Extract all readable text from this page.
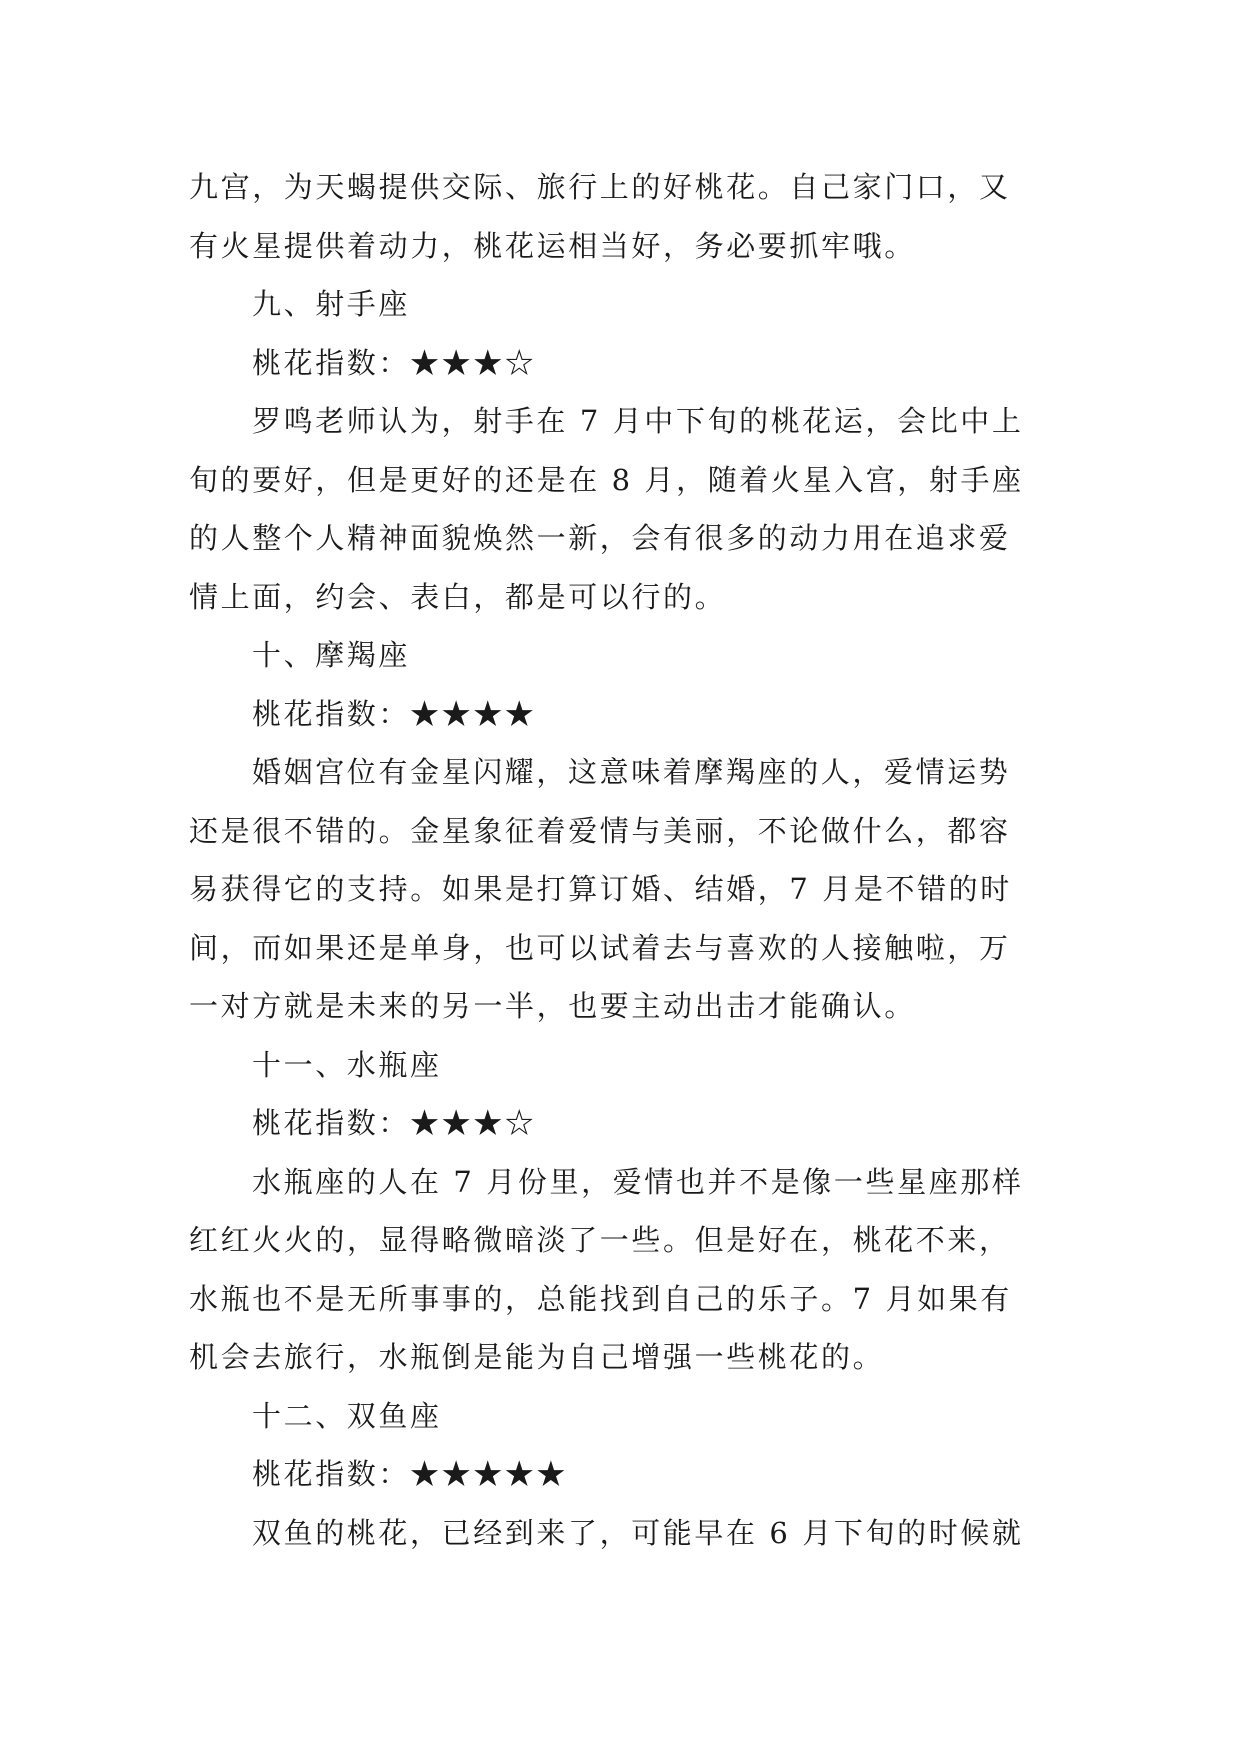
九宫，为天蝎提供交际、旅行上的好桃花。自己家门口，又
有火星提供着动力，桃花运相当好，务必要抓牢哦。
九、射手座
桃花指数：★★★☆
罗鸣老师认为，射手在 7 月中下旬的桃花运，会比中上
旬的要好，但是更好的还是在 8 月，随着火星入宫，射手座
的人整个人精神面貌焕然一新，会有很多的动力用在追求爱
情上面，约会、表白，都是可以行的。
十、摩羯座
桃花指数：★★★★
婚姻宫位有金星闪耀，这意味着摩羯座的人，爱情运势
还是很不错的。金星象征着爱情与美丽，不论做什么，都容
易获得它的支持。如果是打算订婚、结婚，7 月是不错的时
间，而如果还是单身，也可以试着去与喜欢的人接触啦，万
一对方就是未来的另一半，也要主动出击才能确认。
十一、水瓶座
桃花指数：★★★☆
水瓶座的人在 7 月份里，爱情也并不是像一些星座那样
红红火火的，显得略微暗淡了一些。但是好在，桃花不来，
水瓶也不是无所事事的，总能找到自己的乐子。7 月如果有
机会去旅行，水瓶倒是能为自己增强一些桃花的。
十二、双鱼座
桃花指数：★★★★★
双鱼的桃花，已经到来了，可能早在 6 月下旬的时候就
